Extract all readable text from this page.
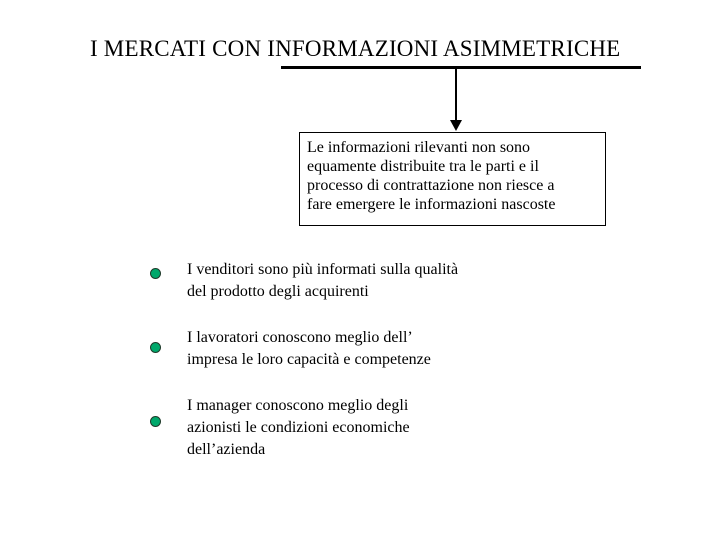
I MERCATI CON INFORMAZIONI ASIMMETRICHE
Le informazioni rilevanti non sono
equamente distribuite tra le parti e il
processo di contrattazione non riesce a
fare emergere le informazioni nascoste
I venditori sono più informati sulla qualità
del prodotto degli acquirenti
I lavoratori conoscono meglio dell’
impresa le loro capacità e competenze
I manager conoscono meglio degli
azionisti le condizioni economiche
dell’azienda
